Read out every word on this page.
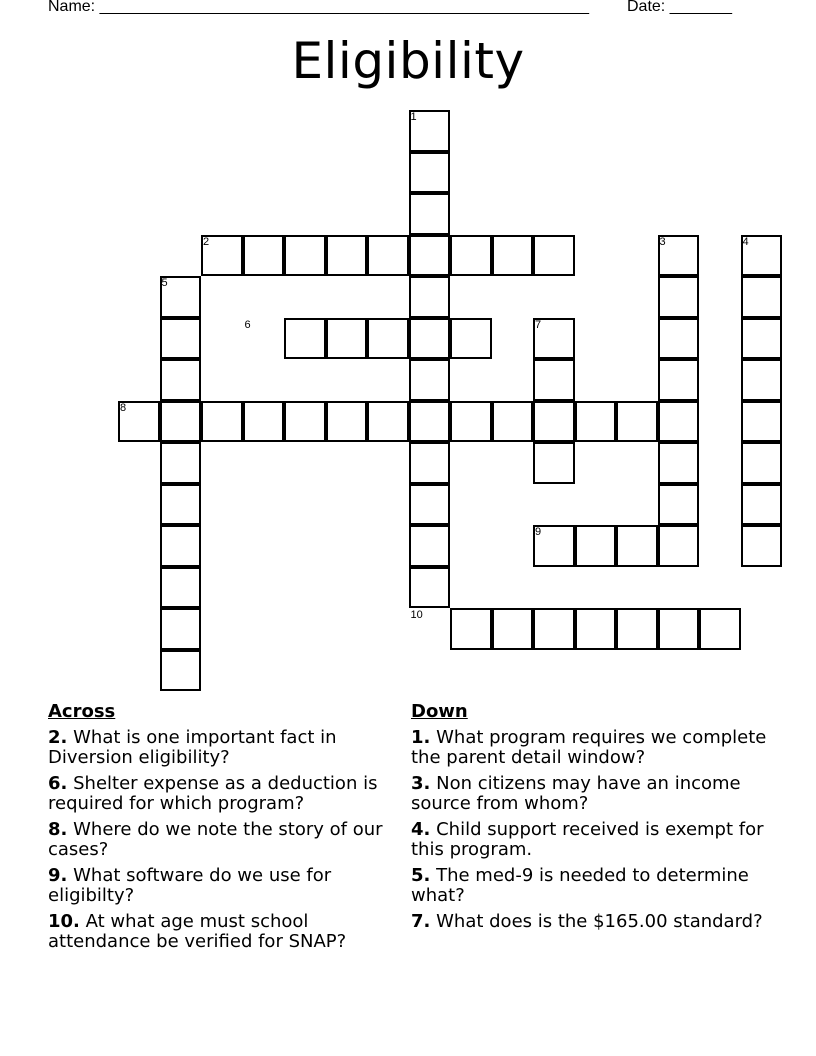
Name: _______________________________________________________ Date: _______
Eligibility
1
2	3	4
5
6	7
8
9
10
Across
2. What is one important fact in Diversion eligibility?
6. Shelter expense as a deduction is required for which program?
8. Where do we note the story of our cases?
9. What software do we use for eligibilty?
10. At what age must school attendance be verified for SNAP?
Down
1. What program requires we complete the parent detail window?
3. Non citizens may have an income source from whom?
4. Child support received is exempt for this program.
5. The med-9 is needed to determine what?
7. What does is the $165.00 standard?
